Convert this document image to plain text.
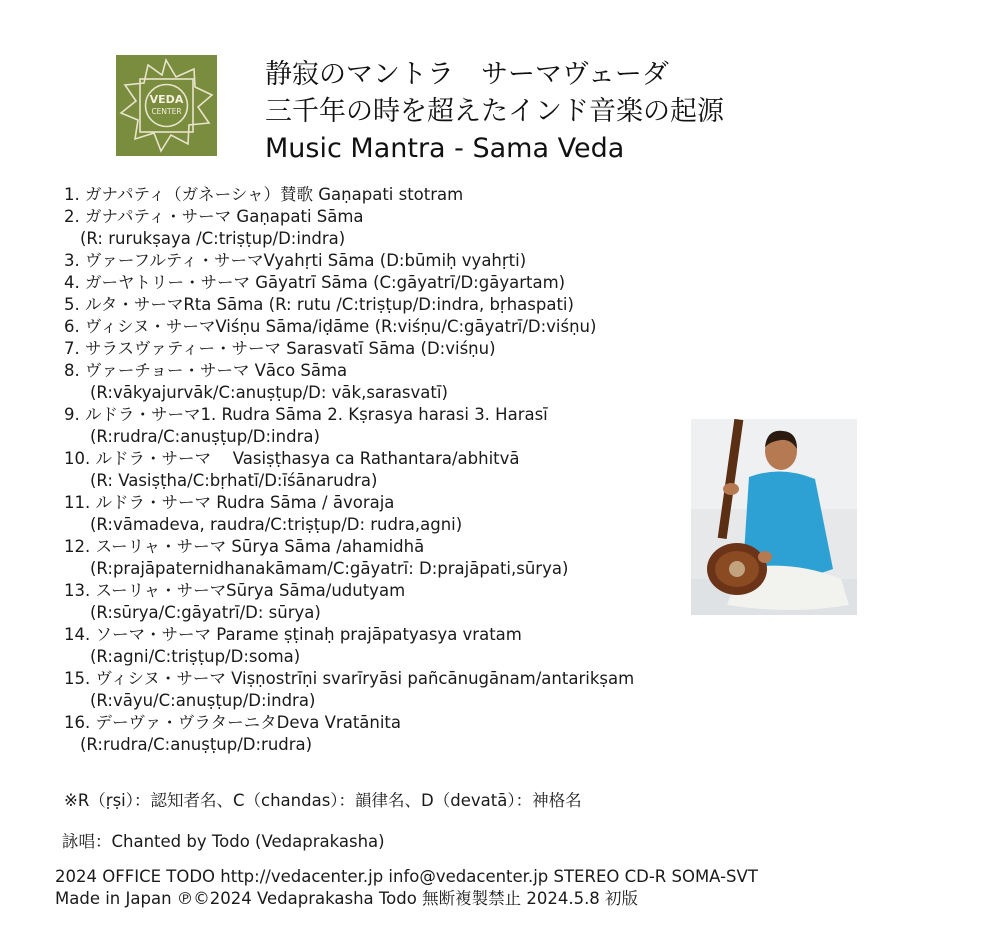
VEDA
CENTER
静寂のマントラ　サーマヴェーダ
三千年の時を超えたインド音楽の起源
Music Mantra - Sama Veda
1. ガナパティ（ガネーシャ）賛歌 Gaṇapati stotram
2. ガナパティ・サーマ Gaṇapati Sāma
(R: rurukṣaya /C:triṣṭup/D:indra)
3. ヴァーフルティ・サーマVyahṛti Sāma (D:būmiḥ vyahṛti)
4. ガーヤトリー・サーマ Gāyatrī Sāma (C:gāyatrī/D:gāyartam)
5. ルタ・サーマRta Sāma (R: rutu /C:triṣṭup/D:indra, bṛhaspati)
6. ヴィシヌ・サーマViśṇu Sāma/iḍāme (R:viśṇu/C:gāyatrī/D:viśṇu)
7. サラスヴァティー・サーマ Sarasvatī Sāma (D:viśṇu)
8. ヴァーチョー・サーマ Vāco Sāma
(R:vākyajurvāk/C:anuṣṭup/D: vāk,sarasvatī)
9. ルドラ・サーマ1. Rudra Sāma 2. Kṣrasya harasi 3. Harasī
(R:rudra/C:anuṣṭup/D:indra)
10. ルドラ・サーマ　 Vasiṣṭhasya ca Rathantara/abhitvā
(R: Vasiṣṭha/C:bṛhatī/D:īśānarudra)
11. ルドラ・サーマ Rudra Sāma / āvoraja
(R:vāmadeva, raudra/C:triṣṭup/D: rudra,agni)
12. スーリャ・サーマ Sūrya Sāma /ahamidhā
(R:prajāpaternidhanakāmam/C:gāyatrī: D:prajāpati,sūrya)
13. スーリャ・サーマSūrya Sāma/udutyam
(R:sūrya/C:gāyatrī/D: sūrya)
14. ソーマ・サーマ Parame ṣṭinaḥ prajāpatyasya vratam
(R:agni/C:triṣṭup/D:soma)
15. ヴィシヌ・サーマ Viṣṇostrīṇi svarīryāsi pañcānugānam/antarikṣam
(R:vāyu/C:anuṣṭup/D:indra)
16. デーヴァ・ヴラターニタDeva Vratānita
(R:rudra/C:anuṣṭup/D:rudra)
※R（ṛṣi）：認知者名、C（chandas）：韻律名、D（devatā）：神格名
詠唱：Chanted by Todo (Vedaprakasha)
2024 OFFICE TODO http://vedacenter.jp info@vedacenter.jp STEREO CD-R SOMA-SVT
Made in Japan ℗©2024 Vedaprakasha Todo 無断複製禁止 2024.5.8 初版
